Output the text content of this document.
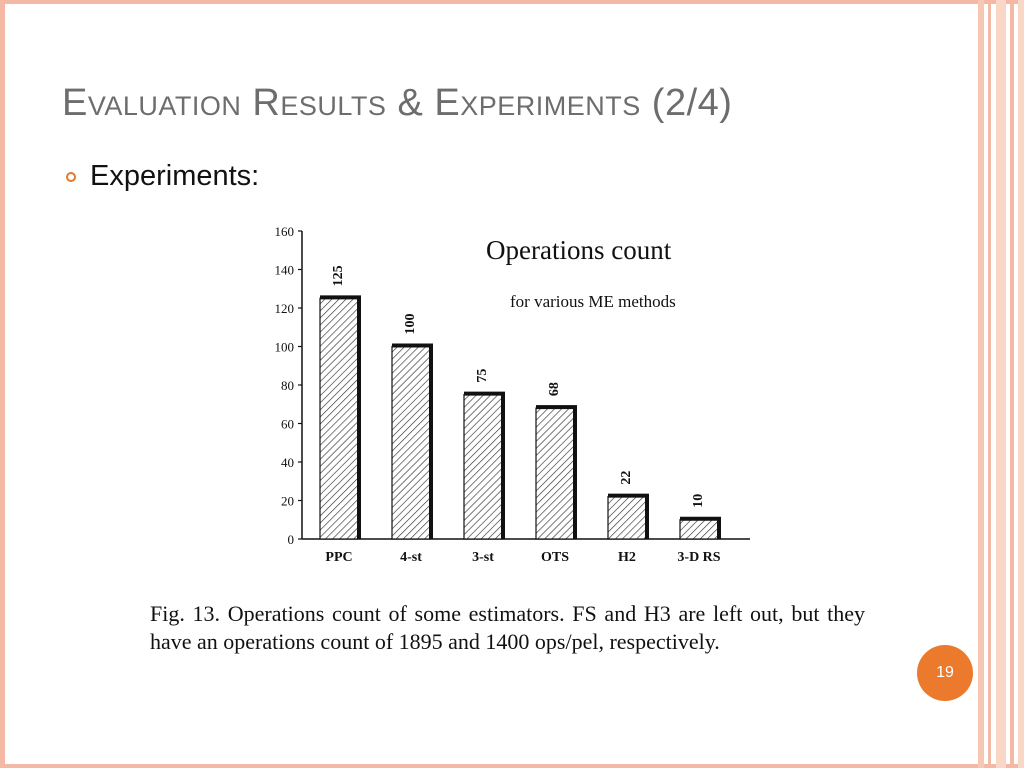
Evaluation Results & Experiments (2/4)
Experiments:
0
20
40
60
80
100
120
140
160
PPC
125
4-st
100
3-st
75
OTS
68
H2
22
3-D RS
10
Operations count
for various ME methods
Fig. 13. Operations count of some estimators. FS and H3 are left out, but they have an operations count of 1895 and 1400 ops/pel, respectively.
19
